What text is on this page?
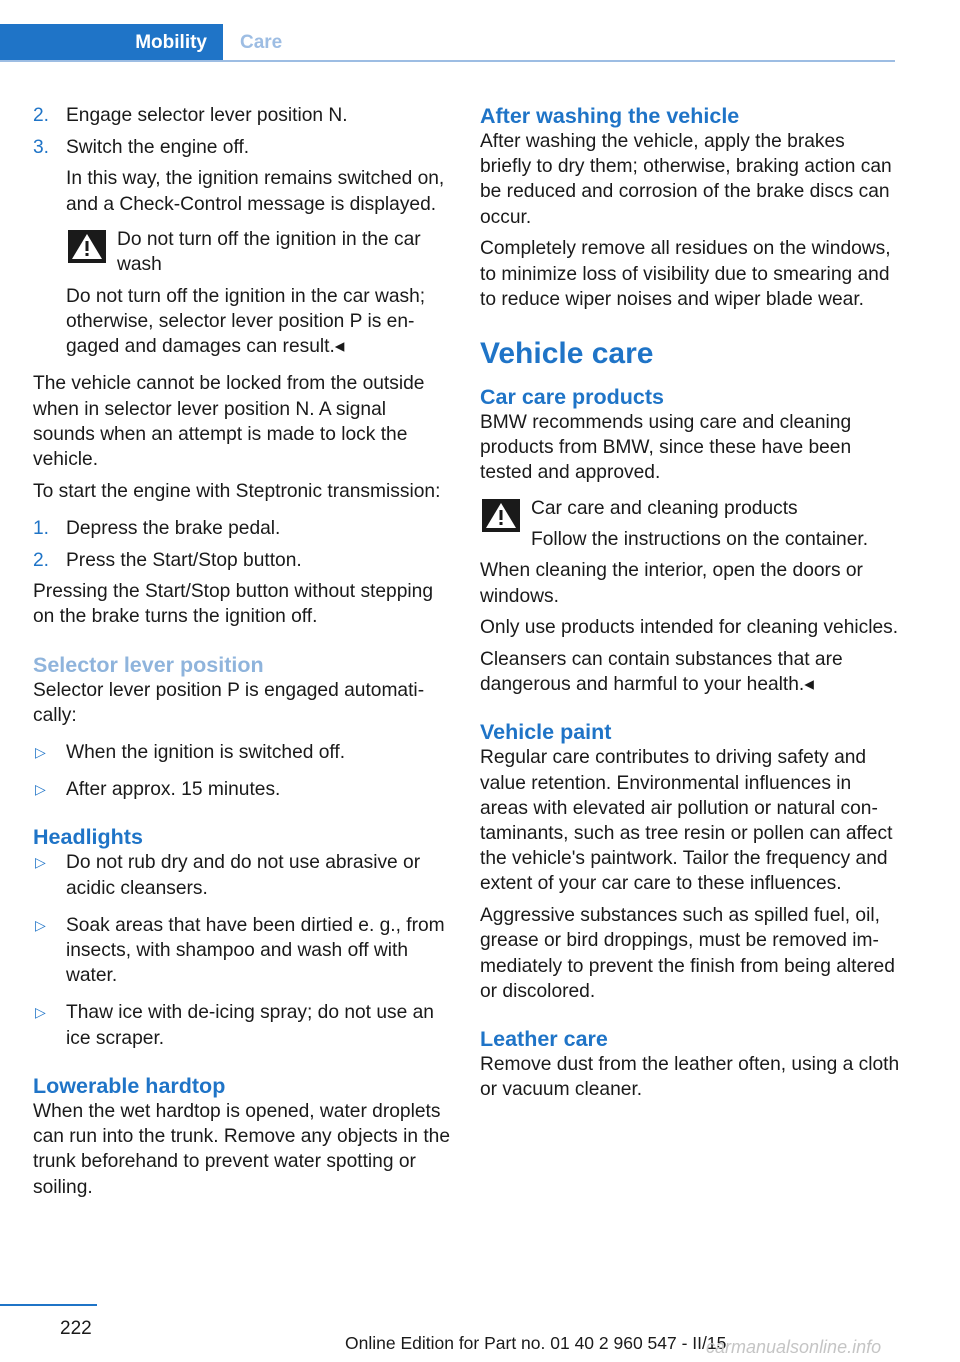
Mobility Care
2. Engage selector lever position N.
3. Switch the engine off.
In this way, the ignition remains switched on, and a Check-Control message is displayed.
Do not turn off the ignition in the car wash
Do not turn off the ignition in the car wash; otherwise, selector lever position P is engaged and damages can result.◂

The vehicle cannot be locked from the outside when in selector lever position N. A signal sounds when an attempt is made to lock the vehicle.

To start the engine with Steptronic transmission:

1. Depress the brake pedal.
2. Press the Start/Stop button.

Pressing the Start/Stop button without stepping on the brake turns the ignition off.

Selector lever position

Selector lever position P is engaged automatically:

▷ When the ignition is switched off.
▷ After approx. 15 minutes.
Headlights
▷ Do not rub dry and do not use abrasive or acidic cleansers.
▷ Soak areas that have been dirtied e. g., from insects, with shampoo and wash off with water.
▷ Thaw ice with de-icing spray; do not use an ice scraper.
Lowerable hardtop

When the wet hardtop is opened, water droplets can run into the trunk. Remove any objects in the trunk beforehand to prevent water spotting or soiling.

After washing the vehicle

After washing the vehicle, apply the brakes briefly to dry them; otherwise, braking action can be reduced and corrosion of the brake discs can occur.

Completely remove all residues on the windows, to minimize loss of visibility due to smearing and to reduce wiper noises and wiper blade wear.

Vehicle care
Car care products

BMW recommends using care and cleaning products from BMW, since these have been tested and approved.

Car care and cleaning products
Follow the instructions on the container.

When cleaning the interior, open the doors or windows.

Only use products intended for cleaning vehicles.

Cleansers can contain substances that are dangerous and harmful to your health.◂

Vehicle paint

Regular care contributes to driving safety and value retention. Environmental influences in areas with elevated air pollution or natural contaminants, such as tree resin or pollen can affect the vehicle's paintwork. Tailor the frequency and extent of your car care to these influences.

Aggressive substances such as spilled fuel, oil, grease or bird droppings, must be removed immediately to prevent the finish from being altered or discolored.

Leather care

Remove dust from the leather often, using a cloth or vacuum cleaner.

222
Online Edition for Part no. 01 40 2 960 547 - II/15
carmanualsonline.info
